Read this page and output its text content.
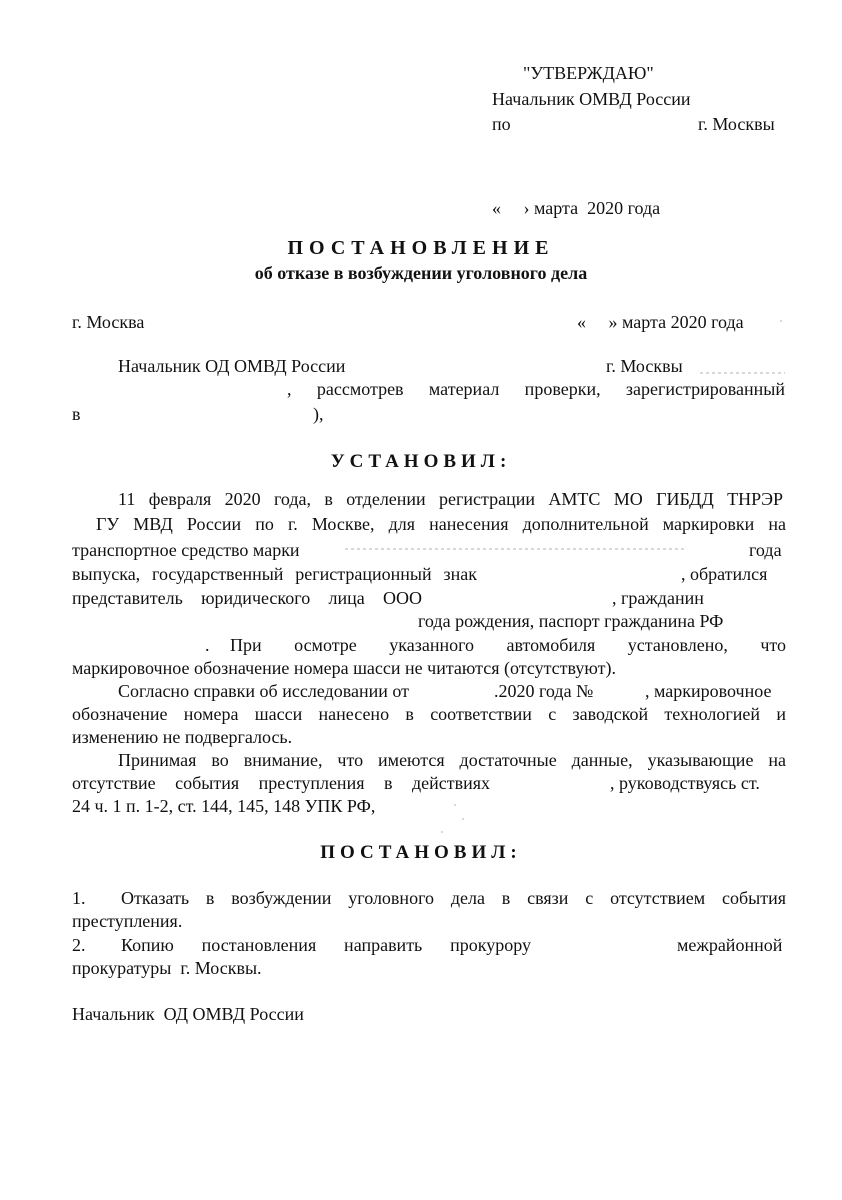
"УТВЕРЖДАЮ"
Начальник ОМВД России
по	г. Москвы
«     › марта  2020 года
ПОСТАНОВЛЕНИЕ
об отказе в возбуждении уголовного дела
г. Москва	«     » марта 2020 года
Начальник ОД ОМВД России	г. Москвы
, рассмотрев материал проверки, зарегистрированный
в	),
УСТАНОВИЛ:
11 февраля 2020 года, в отделении регистрации АМТС МО ГИБДД ТНРЭР
ГУ МВД России по г. Москве, для нанесения дополнительной маркировки на
транспортное средство марки	года
выпуска, государственный регистрационный знак	, обратился
представитель юридического лица ООО	, гражданин
года рождения, паспорт гражданина РФ
. При осмотре указанного автомобиля установлено, что
маркировочное обозначение номера шасси не читаются (отсутствуют).
Согласно справки об исследовании от	.2020 года №	, маркировочное
обозначение номера шасси нанесено в соответствии с заводской технологией и
изменению не подвергалось.
Принимая во внимание, что имеются достаточные данные, указывающие на
отсутствие события преступления в действиях	, руководствуясь ст.
24 ч. 1 п. 1-2, ст. 144, 145, 148 УПК РФ,
ПОСТАНОВИЛ:
1. Отказать в возбуждении уголовного дела в связи с отсутствием события
преступления.
2. Копию постановления направить прокурору	межрайонной
прокуратуры  г. Москвы.
Начальник  ОД ОМВД России
